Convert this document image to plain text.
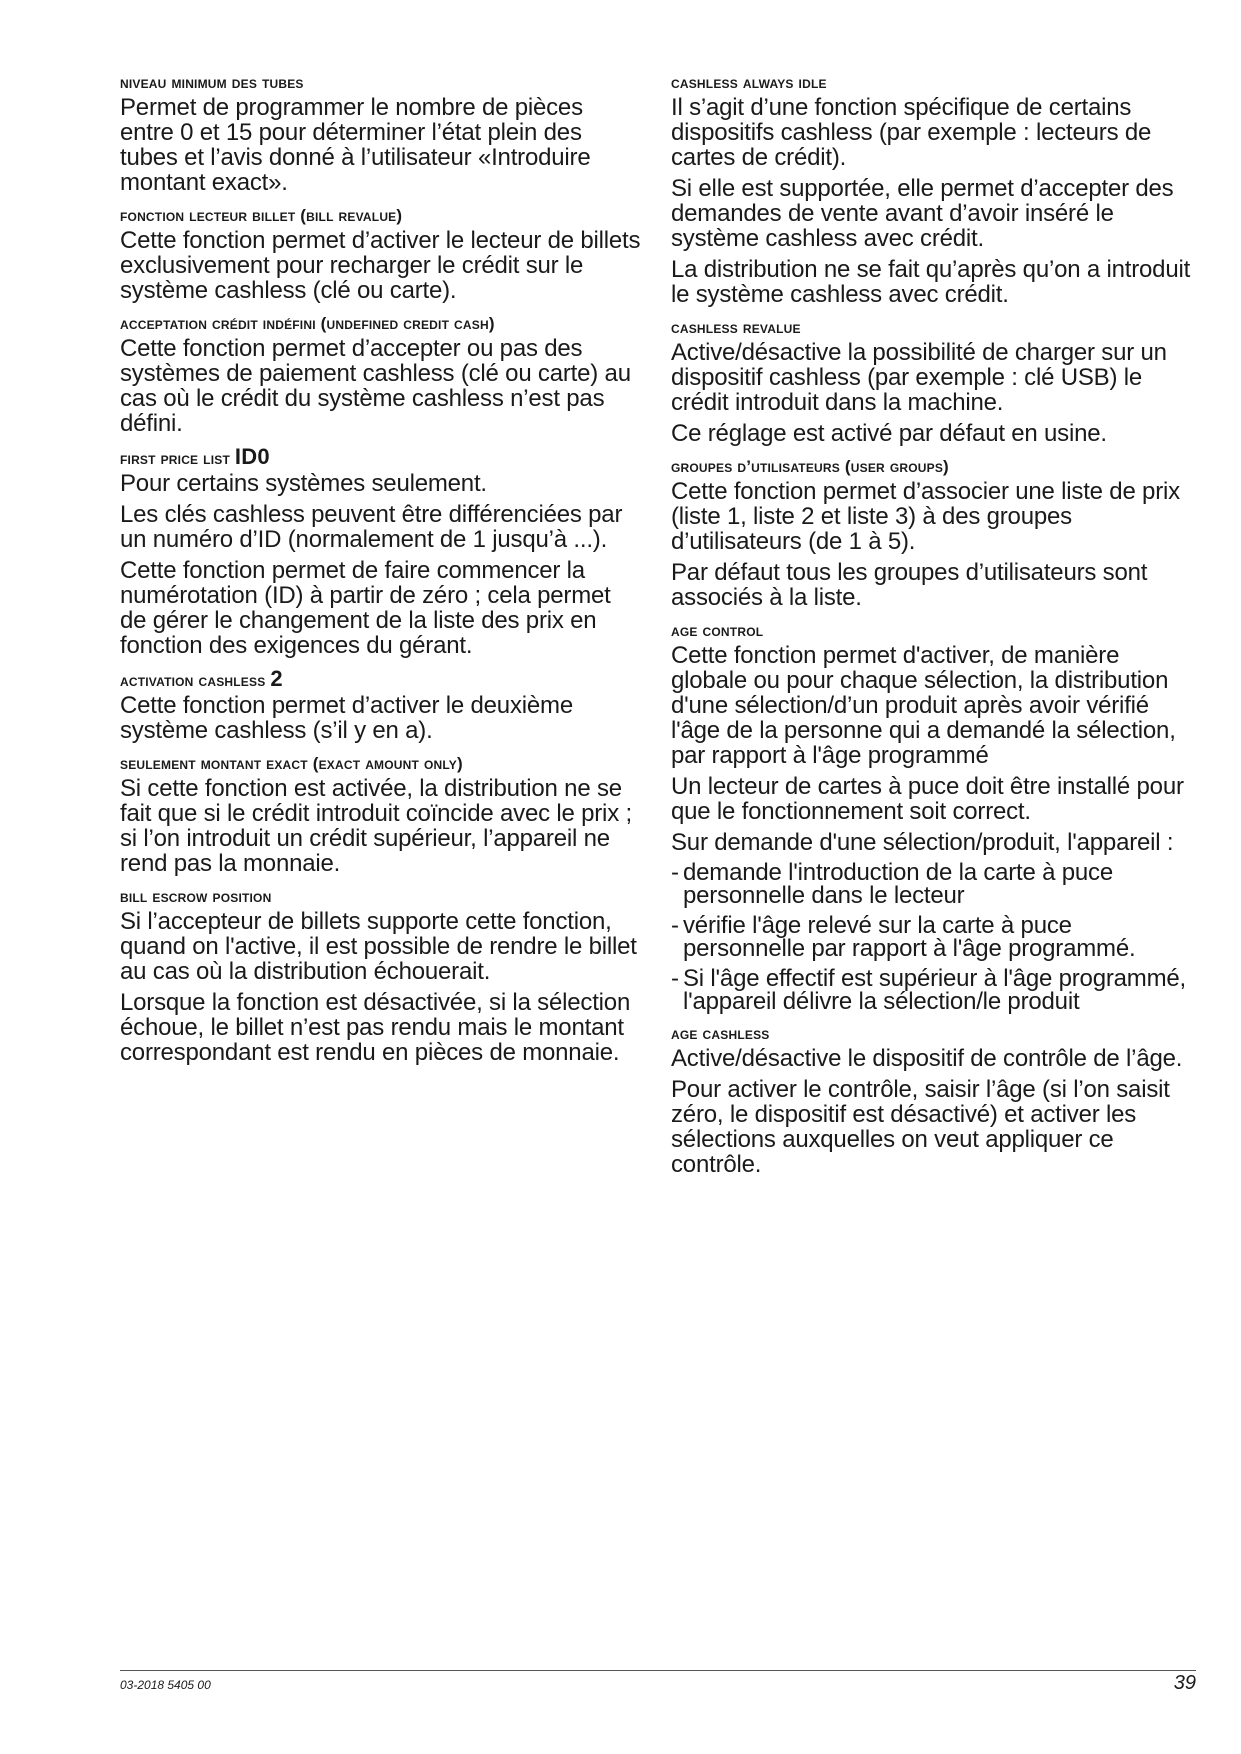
niveau minimum des tubes

Permet de programmer le nombre de pièces entre 0 et 15 pour déterminer l’état plein des tubes et l’avis donné à l’utilisateur «Introduire montant exact».

fonction lecteur billet (bill revalue)

Cette fonction permet d’activer le lecteur de billets exclusivement pour recharger le crédit sur le système cashless (clé ou carte).

acceptation crédit indéfini (undefined credit cash)

Cette fonction permet d’accepter ou pas des systèmes de paiement cashless (clé ou carte) au cas où le crédit du système cashless n’est pas défini.

first price list ID0

Pour certains systèmes seulement.

Les clés cashless peuvent être différenciées par un numéro d’ID (normalement de 1 jusqu’à ...).

Cette fonction permet de faire commencer la numérotation (ID) à partir de zéro ; cela permet de gérer le changement de la liste des prix en fonction des exigences du gérant.

activation cashless 2

Cette fonction permet d’activer le deuxième système cashless (s’il y en a).

seulement montant exact (exact amount only)

Si cette fonction est activée, la distribution ne se fait que si le crédit introduit coïncide avec le prix ; si l’on introduit un crédit supérieur, l’appareil ne rend pas la monnaie.

bill escrow position

Si l’accepteur de billets supporte cette fonction, quand on l'active, il est possible de rendre le billet au cas où la distribution échouerait.

Lorsque la fonction est désactivée, si la sélection échoue, le billet n’est pas rendu mais le montant correspondant est rendu en pièces de monnaie.

cashless always idle

Il s’agit d’une fonction spécifique de certains dispositifs cashless (par exemple : lecteurs de cartes de crédit).

Si elle est supportée, elle permet d’accepter des demandes de vente avant d’avoir inséré le système cashless avec crédit.

La distribution ne se fait qu’après qu’on a introduit le système cashless avec crédit.

cashless revalue

Active/désactive la possibilité de charger sur un dispositif cashless (par exemple : clé USB) le crédit introduit dans la machine.

Ce réglage est activé par défaut en usine.

groupes d’utilisateurs (user groups)

Cette fonction permet d’associer une liste de prix (liste 1, liste 2 et liste 3) à des groupes d’utilisateurs (de 1 à 5).

Par défaut tous les groupes d’utilisateurs sont associés à la liste.

age control

Cette fonction permet d'activer, de manière globale ou pour chaque sélection, la distribution d'une sélection/d’un produit après avoir vérifié l'âge de la personne qui a demandé la sélection, par rapport à l'âge programmé

Un lecteur de cartes à puce doit être installé pour que le fonctionnement soit correct.

Sur demande d'une sélection/produit, l'appareil :

- demande l'introduction de la carte à puce personnelle dans le lecteur
- vérifie l'âge relevé sur la carte à puce personnelle par rapport à l'âge programmé.
- Si l'âge effectif est supérieur à l'âge programmé, l'appareil délivre la sélection/le produit
age cashless

Active/désactive le dispositif de contrôle de l’âge.

Pour activer le contrôle, saisir l’âge (si l’on saisit zéro, le dispositif est désactivé) et activer les sélections auxquelles on veut appliquer ce contrôle.

03-2018 5405 00	39
